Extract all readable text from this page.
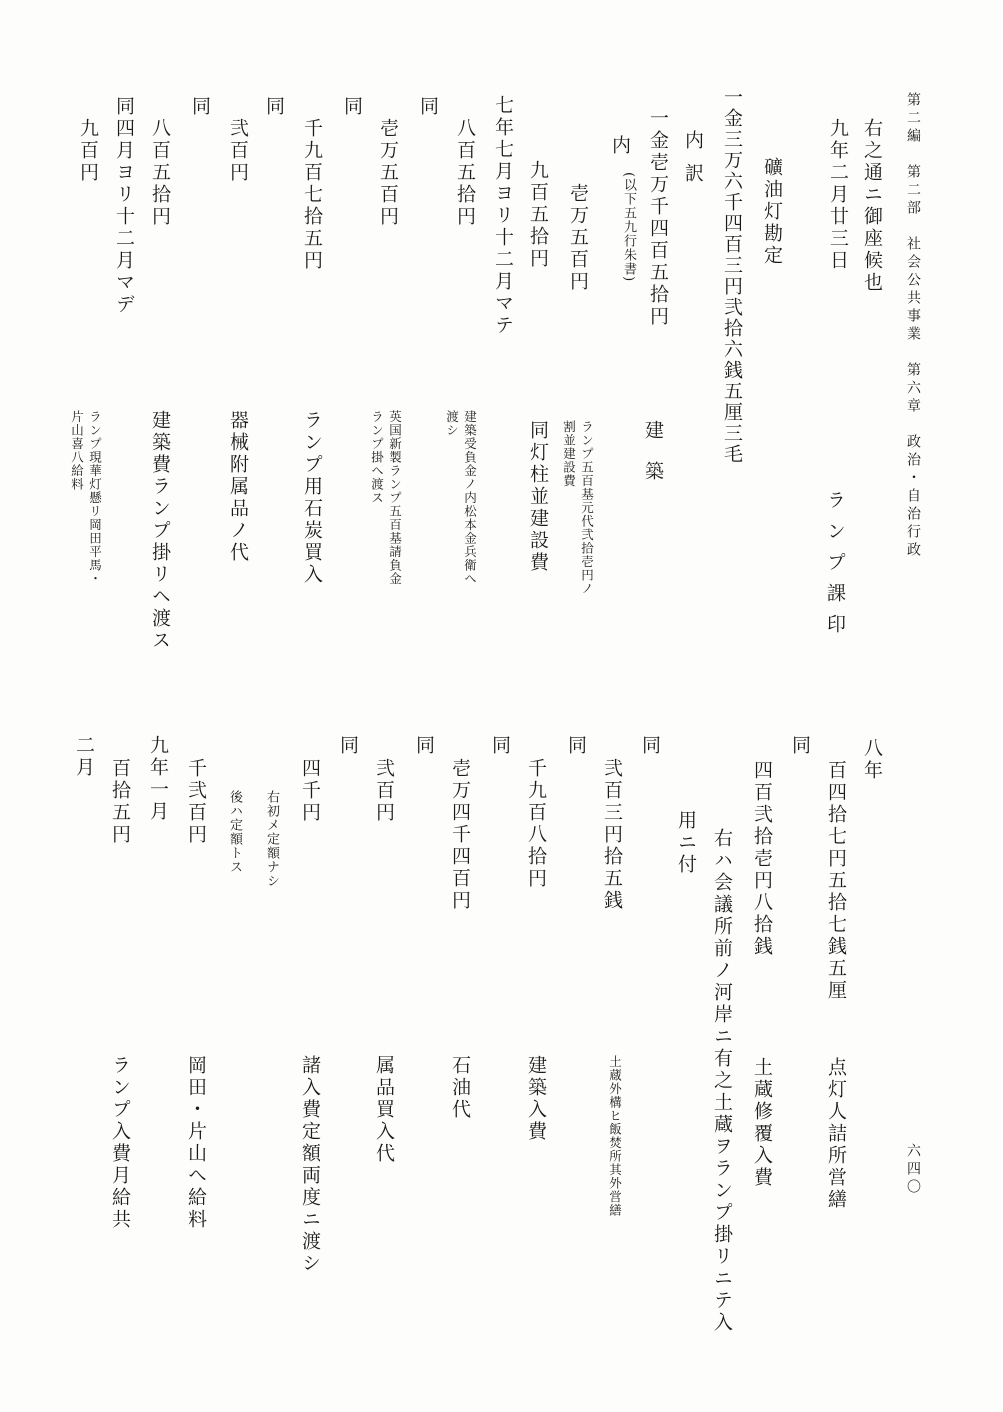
第二編　第二部　社会公共事業　第六章　政治・自治行政
六四〇
右之通ニ御座候也
九年二月廿三日
ランプ課印
礦油灯勘定
一金三万六千四百三円弐拾六銭五厘三毛
内訳
建築
一金壱万千四百五拾円
内
(以下五九行朱書)
壱万五百円
ランプ五百基元代弐拾壱円ノ
割並建設費
九百五拾円
同灯柱並建設費
七年七月ヨリ十二月マテ
八百五拾円
建築受負金ノ内松本金兵衛へ
渡シ
同
壱万五百円
英国新製ランプ五百基請負金
ランプ掛へ渡ス
同
千九百七拾五円
ランプ用石炭買入
同
弐百円
器械附属品ノ代
同
八百五拾円
建築費ランプ掛リヘ渡ス
同四月ヨリ十二月マデ
九百円
ランプ現華灯懸リ岡田平馬・
片山喜八給料
八年
百四拾七円五拾七銭五厘
点灯人詰所営繕
同
四百弐拾壱円八拾銭
土蔵修覆入費
右ハ会議所前ノ河岸ニ有之土蔵ヲランプ掛リニテ入
用ニ付
同
弐百三円拾五銭
土蔵外構ヒ飯焚所其外営繕
同
千九百八拾円
建築入費
同
壱万四千四百円
石油代
同
弐百円
属品買入代
同
四千円
諸入費定額両度ニ渡シ
右初メ定額ナシ
後ハ定額トス
千弐百円
岡田・片山へ給料
九年一月
百拾五円
ランプ入費月給共
二月
